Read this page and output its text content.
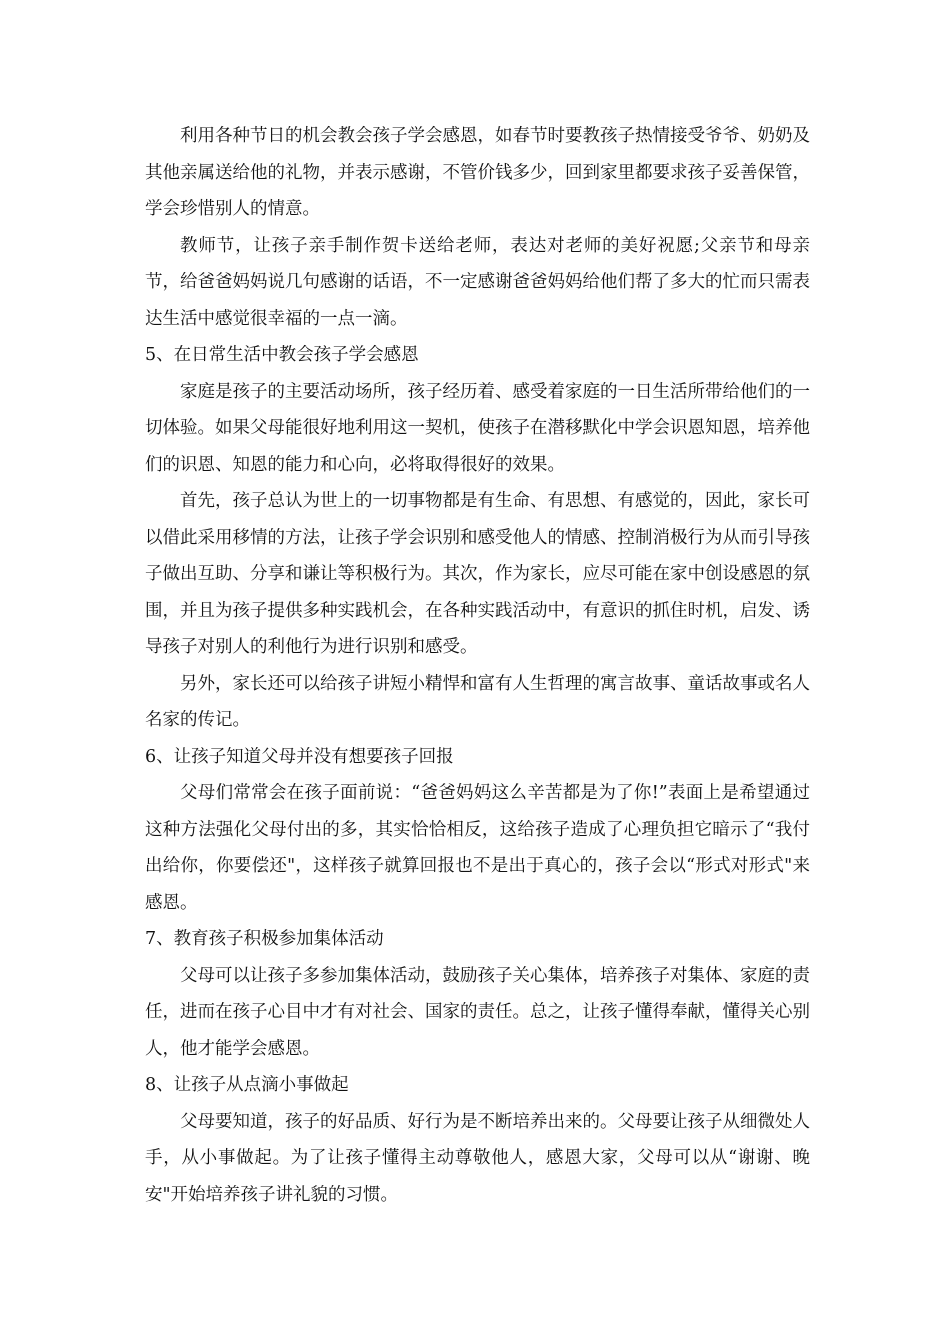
利用各种节日的机会教会孩子学会感恩，如春节时要教孩子热情接受爷爷、奶奶及其他亲属送给他的礼物，并表示感谢，不管价钱多少，回到家里都要求孩子妥善保管，学会珍惜别人的情意。

教师节，让孩子亲手制作贺卡送给老师，表达对老师的美好祝愿;父亲节和母亲节，给爸爸妈妈说几句感谢的话语，不一定感谢爸爸妈妈给他们帮了多大的忙而只需表达生活中感觉很幸福的一点一滴。

5、在日常生活中教会孩子学会感恩

家庭是孩子的主要活动场所，孩子经历着、感受着家庭的一日生活所带给他们的一切体验。如果父母能很好地利用这一契机，使孩子在潜移默化中学会识恩知恩，培养他们的识恩、知恩的能力和心向，必将取得很好的效果。

首先，孩子总认为世上的一切事物都是有生命、有思想、有感觉的，因此，家长可以借此采用移情的方法，让孩子学会识别和感受他人的情感、控制消极行为从而引导孩子做出互助、分享和谦让等积极行为。其次，作为家长，应尽可能在家中创设感恩的氛围，并且为孩子提供多种实践机会，在各种实践活动中，有意识的抓住时机，启发、诱导孩子对别人的利他行为进行识别和感受。

另外，家长还可以给孩子讲短小精悍和富有人生哲理的寓言故事、童话故事或名人名家的传记。

6、让孩子知道父母并没有想要孩子回报

父母们常常会在孩子面前说：“爸爸妈妈这么辛苦都是为了你!”表面上是希望通过这种方法强化父母付出的多，其实恰恰相反，这给孩子造成了心理负担它暗示了“我付出给你，你要偿还"，这样孩子就算回报也不是出于真心的，孩子会以“形式对形式"来感恩。

7、教育孩子积极参加集体活动

父母可以让孩子多参加集体活动，鼓励孩子关心集体，培养孩子对集体、家庭的责任，进而在孩子心目中才有对社会、国家的责任。总之，让孩子懂得奉献，懂得关心别人，他才能学会感恩。

8、让孩子从点滴小事做起

父母要知道，孩子的好品质、好行为是不断培养出来的。父母要让孩子从细微处人手，从小事做起。为了让孩子懂得主动尊敬他人，感恩大家，父母可以从“谢谢、晚安"开始培养孩子讲礼貌的习惯。
